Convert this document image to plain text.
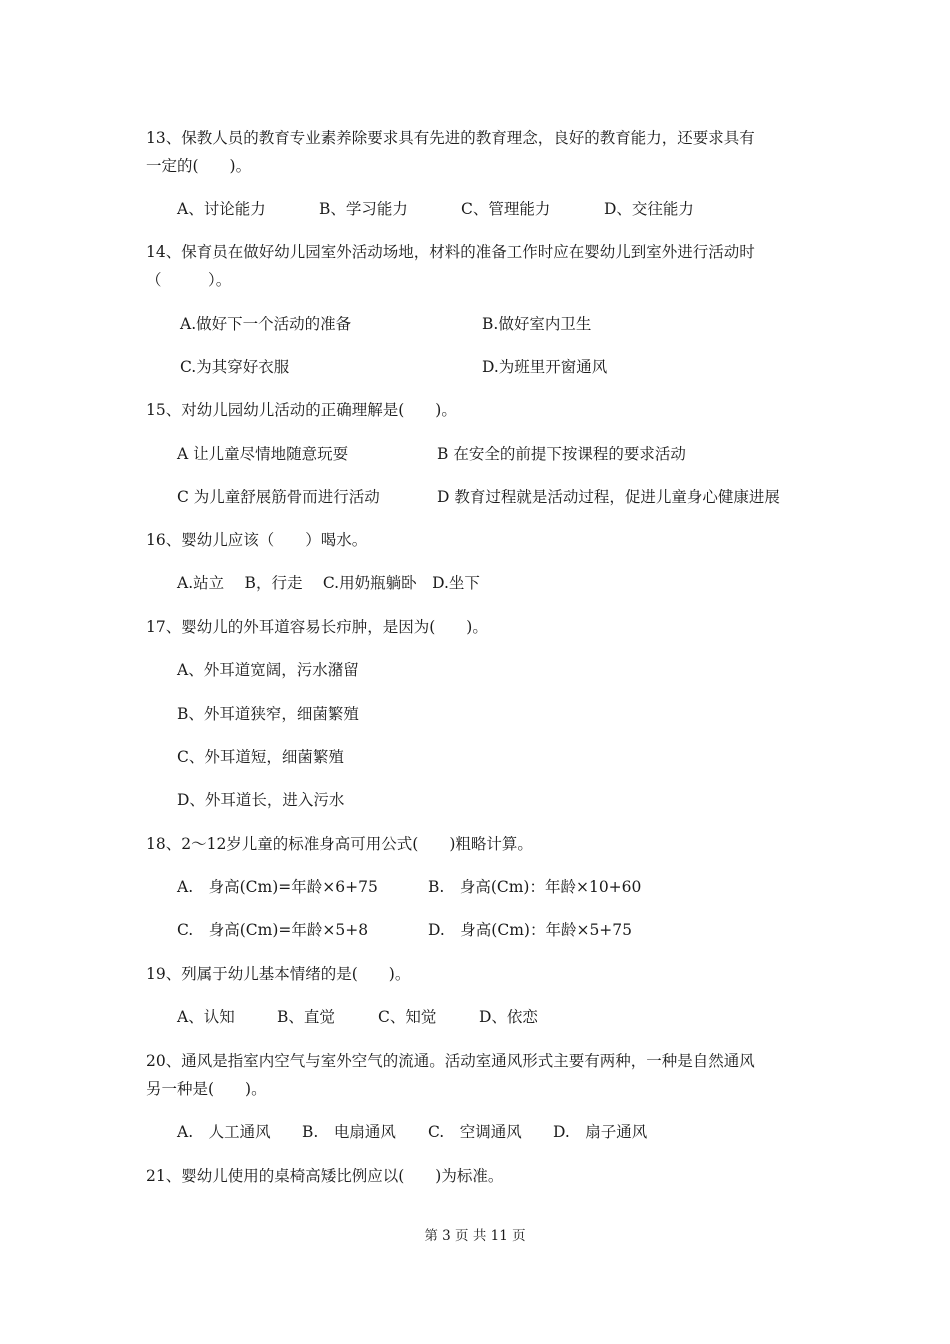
13、保教人员的教育专业素养除要求具有先进的教育理念，良好的教育能力，还要求具有
一定的(　　)。
A、讨论能力	B、学习能力	C、管理能力	D、交往能力
14、保育员在做好幼儿园室外活动场地，材料的准备工作时应在婴幼儿到室外进行活动时
（　　　）。
A.做好下一个活动的准备	B.做好室内卫生
C.为其穿好衣服	D.为班里开窗通风
15、对幼儿园幼儿活动的正确理解是(　　)。
A 让儿童尽情地随意玩耍	B 在安全的前提下按课程的要求活动
C 为儿童舒展筋骨而进行活动	D 教育过程就是活动过程，促进儿童身心健康进展
16、婴幼儿应该（　　）喝水。
A.站立　 B，行走　 C.用奶瓶躺卧　D.坐下
17、婴幼儿的外耳道容易长疖肿，是因为(　　)。
A、外耳道宽阔，污水潴留
B、外耳道狭窄，细菌繁殖
C、外耳道短，细菌繁殖
D、外耳道长，进入污水
18、2～12岁儿童的标准身高可用公式(　　)粗略计算。
A.　身高(Cm)=年龄×6+75	B.　身高(Cm)：年龄×10+60
C.　身高(Cm)=年龄×5+8	D.　身高(Cm)：年龄×5+75
19、列属于幼儿基本情绪的是(　　)。
A、认知	B、直觉	C、知觉	D、依恋
20、通风是指室内空气与室外空气的流通。活动室通风形式主要有两种，一种是自然通风
另一种是(　　)。
A.　人工通风 B.　电扇通风 C.　空调通风 D.　扇子通风
21、婴幼儿使用的桌椅高矮比例应以(　　)为标准。
第 3 页 共 11 页
